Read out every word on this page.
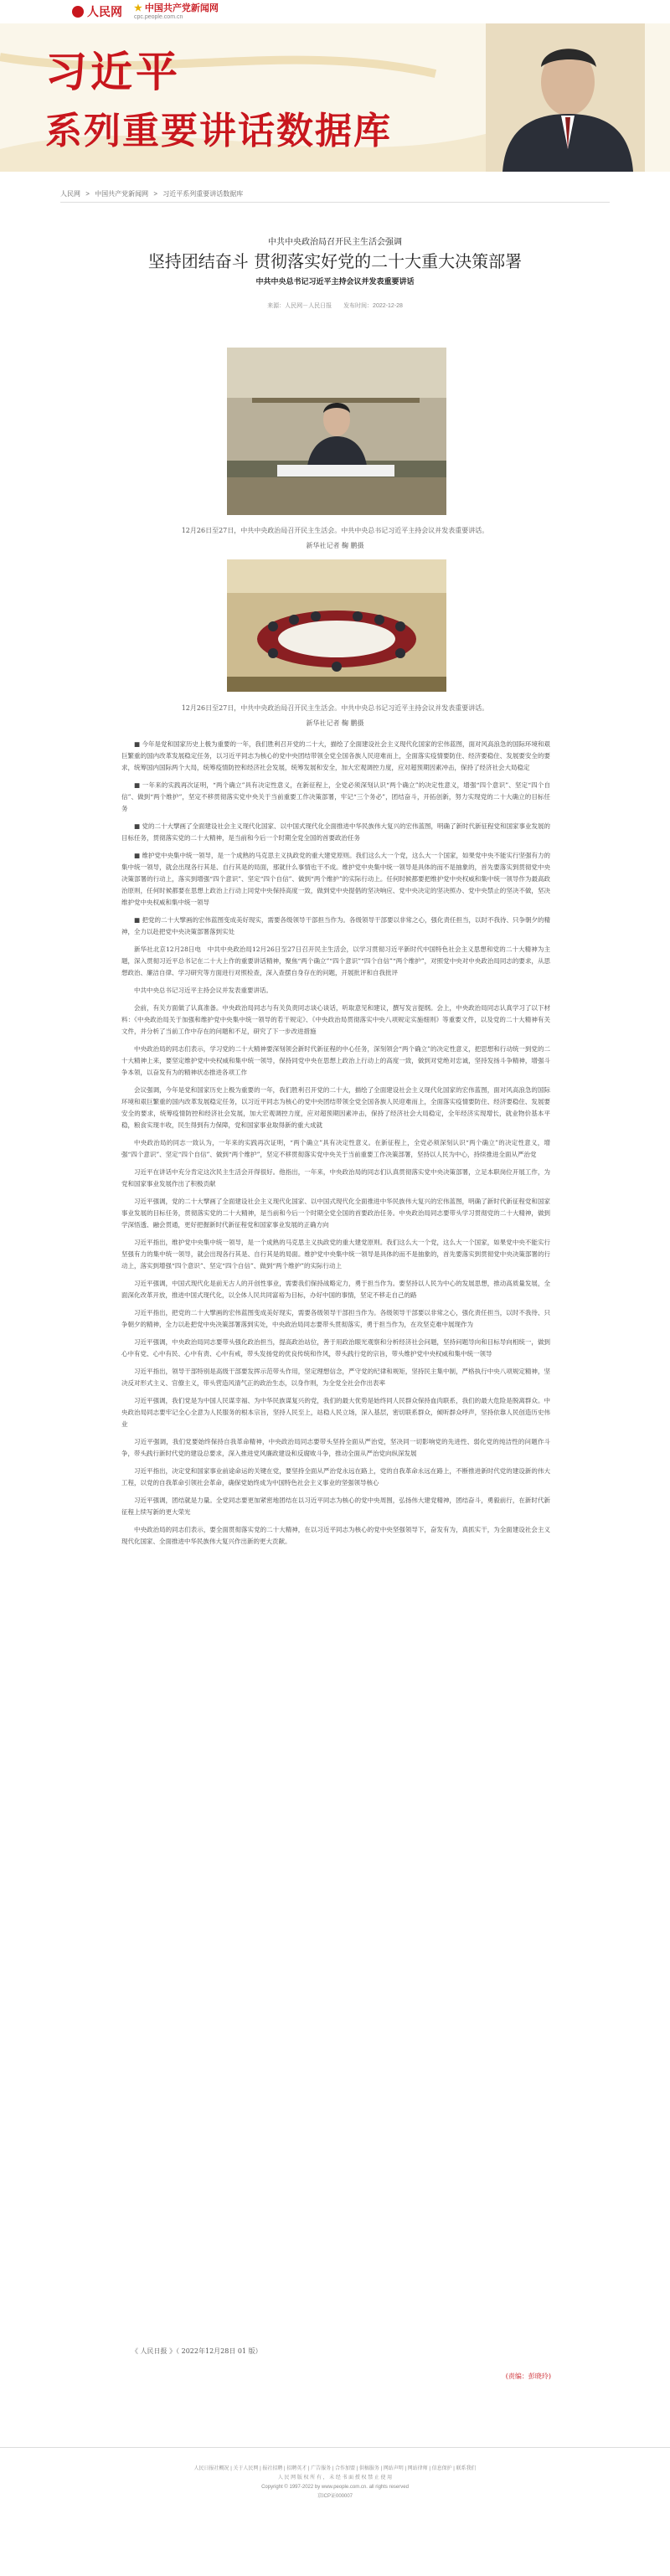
人民网 ★ 中国共产党新闻网
cpc.people.com.cn
习近平
系列重要讲话数据库
人民网 > 中国共产党新闻网 > 习近平系列重要讲话数据库
中共中央政治局召开民主生活会强调
坚持团结奋斗 贯彻落实好党的二十大重大决策部署
中共中央总书记习近平主持会议并发表重要讲话
来源：人民网－人民日报 发布时间：2022-12-28
12月26日至27日，中共中央政治局召开民主生活会。中共中央总书记习近平主持会议并发表重要讲话。
新华社记者 鞠 鹏摄
12月26日至27日，中共中央政治局召开民主生活会。中共中央总书记习近平主持会议并发表重要讲话。
新华社记者 鞠 鹏摄

■ 今年是党和国家历史上极为重要的一年，我们胜利召开党的二十大，描绘了全面建设社会主义现代化国家的宏伟蓝图，面对风高浪急的国际环境和艰巨繁重的国内改革发展稳定任务，以习近平同志为核心的党中央团结带领全党全国各族人民迎难而上，全面落实疫情要防住、经济要稳住、发展要安全的要求，统筹国内国际两个大局，统筹疫情防控和经济社会发展，统筹发展和安全，加大宏观调控力度，应对超预期因素冲击，保持了经济社会大局稳定

■ 一年来的实践再次证明，“两个确立”具有决定性意义，在新征程上，全党必须深刻认识“两个确立”的决定性意义，增强“四个意识”、坚定“四个自信”、做到“两个维护”，坚定不移贯彻落实党中央关于当前重要工作决策部署，牢记“三个务必”，团结奋斗，开拓创新，努力实现党的二十大确立的目标任务

■ 党的二十大擘画了全面建设社会主义现代化国家、以中国式现代化全面推进中华民族伟大复兴的宏伟蓝图，明确了新时代新征程党和国家事业发展的目标任务，贯彻落实党的二十大精神，是当前和今后一个时期全党全国的首要政治任务

■ 维护党中央集中统一领导，是一个成熟的马克思主义执政党的重大建党原则。我们这么大一个党，这么大一个国家，如果党中央不能实行坚强有力的集中统一领导，就会出现各行其是、自行其是的局面，那就什么事情也干不成。维护党中央集中统一领导是具体的而不是抽象的，首先要落实到贯彻党中央决策部署的行动上，落实到增强“四个意识”、坚定“四个自信”、做到“两个维护”的实际行动上。任何时候都要把维护党中央权威和集中统一领导作为最高政治原则，任何时候都要在思想上政治上行动上同党中央保持高度一致，做到党中央提倡的坚决响应、党中央决定的坚决照办、党中央禁止的坚决不做，坚决维护党中央权威和集中统一领导

■ 把党的二十大擘画的宏伟蓝图变成美好现实，需要各级领导干部担当作为。各级领导干部要以非常之心，强化责任担当，以时不我待、只争朝夕的精神，全力以赴把党中央决策部署落到实处

新华社北京12月28日电　中共中央政治局12月26日至27日召开民主生活会，以学习贯彻习近平新时代中国特色社会主义思想和党的二十大精神为主题，深入贯彻习近平总书记在二十大上作的重要讲话精神，聚焦“两个确立”“四个意识”“四个自信”“两个维护”，对照党中央对中央政治局同志的要求，从思想政治、廉洁自律、学习研究等方面进行对照检查，深入查摆自身存在的问题，开展批评和自我批评

中共中央总书记习近平主持会议并发表重要讲话。

会前，有关方面做了认真准备。中央政治局同志与有关负责同志谈心谈话，听取意见和建议，撰写发言提纲。会上，中央政治局同志认真学习了以下材料：《中央政治局关于加强和维护党中央集中统一领导的若干规定》、《中央政治局贯彻落实中央八项规定实施细则》等重要文件，以及党的二十大精神有关文件，并分析了当前工作中存在的问题和不足，研究了下一步改进措施

中央政治局的同志们表示，学习党的二十大精神要深刻领会新时代新征程的中心任务，深刻领会“两个确立”的决定性意义，把思想和行动统一到党的二十大精神上来，要坚定维护党中央权威和集中统一领导，保持同党中央在思想上政治上行动上的高度一致，做到对党绝对忠诚，坚持发扬斗争精神，增强斗争本领，以奋发有为的精神状态推进各项工作

会议强调，今年是党和国家历史上极为重要的一年，我们胜利召开党的二十大，描绘了全面建设社会主义现代化国家的宏伟蓝图，面对风高浪急的国际环境和艰巨繁重的国内改革发展稳定任务，以习近平同志为核心的党中央团结带领全党全国各族人民迎难而上，全面落实疫情要防住、经济要稳住、发展要安全的要求，统筹疫情防控和经济社会发展，加大宏观调控力度，应对超预期因素冲击，保持了经济社会大局稳定，全年经济实现增长，就业物价基本平稳，粮食实现丰收，民生得到有力保障，党和国家事业取得新的重大成就

中央政治局的同志一致认为，一年来的实践再次证明，“两个确立”具有决定性意义。在新征程上，全党必须深刻认识“两个确立”的决定性意义，增强“四个意识”、坚定“四个自信”、做到“两个维护”，坚定不移贯彻落实党中央关于当前重要工作决策部署，坚持以人民为中心，持续推进全面从严治党

习近平在讲话中充分肯定这次民主生活会开得很好。他指出，一年来，中央政治局的同志们认真贯彻落实党中央决策部署，立足本职岗位开展工作，为党和国家事业发展作出了积极贡献

习近平强调，党的二十大擘画了全面建设社会主义现代化国家、以中国式现代化全面推进中华民族伟大复兴的宏伟蓝图，明确了新时代新征程党和国家事业发展的目标任务，贯彻落实党的二十大精神，是当前和今后一个时期全党全国的首要政治任务。中央政治局同志要带头学习贯彻党的二十大精神，做到学深悟透、融会贯通，更好把握新时代新征程党和国家事业发展的正确方向

习近平指出，维护党中央集中统一领导，是一个成熟的马克思主义执政党的重大建党原则。我们这么大一个党，这么大一个国家，如果党中央不能实行坚强有力的集中统一领导，就会出现各行其是、自行其是的局面。维护党中央集中统一领导是具体的而不是抽象的，首先要落实到贯彻党中央决策部署的行动上，落实到增强“四个意识”、坚定“四个自信”、做到“两个维护”的实际行动上

习近平强调，中国式现代化是前无古人的开创性事业，需要我们保持战略定力，勇于担当作为。要坚持以人民为中心的发展思想，推动高质量发展，全面深化改革开放，推进中国式现代化，以全体人民共同富裕为目标，办好中国的事情，坚定不移走自己的路

习近平指出，把党的二十大擘画的宏伟蓝图变成美好现实，需要各级领导干部担当作为。各级领导干部要以非常之心，强化责任担当，以时不我待、只争朝夕的精神，全力以赴把党中央决策部署落到实处，中央政治局同志要带头贯彻落实，勇于担当作为，在攻坚克难中展现作为

习近平强调，中央政治局同志要带头强化政治担当，提高政治站位，善于用政治眼光观察和分析经济社会问题，坚持问题导向和目标导向相统一，做到心中有党、心中有民、心中有责、心中有戒，带头发扬党的优良传统和作风，带头践行党的宗旨，带头维护党中央权威和集中统一领导

习近平指出，领导干部特别是高级干部要发挥示范带头作用，坚定理想信念，严守党的纪律和规矩，坚持民主集中制，严格执行中央八项规定精神，坚决反对形式主义、官僚主义，带头营造风清气正的政治生态，以身作则，为全党全社会作出表率

习近平强调，我们党是为中国人民谋幸福、为中华民族谋复兴的党，我们的最大优势是始终同人民群众保持血肉联系，我们的最大危险是脱离群众。中央政治局同志要牢记全心全意为人民服务的根本宗旨，坚持人民至上，站稳人民立场，深入基层，密切联系群众，倾听群众呼声，坚持依靠人民创造历史伟业

习近平强调，我们党要始终保持自我革命精神，中央政治局同志要带头坚持全面从严治党，坚决同一切影响党的先进性、弱化党的纯洁性的问题作斗争，带头践行新时代党的建设总要求，深入推进党风廉政建设和反腐败斗争，推动全面从严治党向纵深发展

习近平指出，决定党和国家事业前途命运的关键在党，要坚持全面从严治党永远在路上，党的自我革命永远在路上，不断推进新时代党的建设新的伟大工程，以党的自我革命引领社会革命，确保党始终成为中国特色社会主义事业的坚强领导核心

习近平强调，团结就是力量。全党同志要更加紧密地团结在以习近平同志为核心的党中央周围，弘扬伟大建党精神，团结奋斗，勇毅前行，在新时代新征程上续写新的更大荣光

中央政治局的同志们表示，要全面贯彻落实党的二十大精神，在以习近平同志为核心的党中央坚强领导下，奋发有为，真抓实干，为全面建设社会主义现代化国家、全面推进中华民族伟大复兴作出新的更大贡献。

《 人民日报 》（ 2022年12月28日 01 版）
(责编：彭晓玲)
人民日报社概况 | 关于人民网 | 报社招聘 | 招聘英才 | 广告服务 | 合作加盟 | 供稿服务 | 网站声明 | 网站律师 | 信息保护 | 联系我们
人 民 网 版 权 所 有 ， 未 经 书 面 授 权 禁 止 使 用
Copyright © 1997-2022 by www.people.com.cn. all rights reserved
京ICP证000007
